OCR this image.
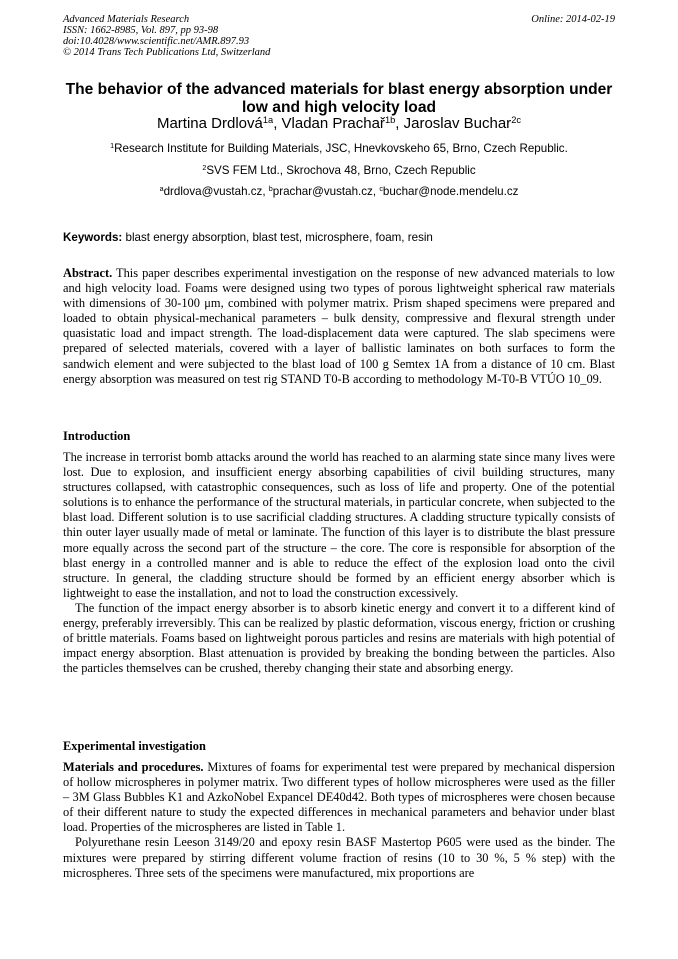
Advanced Materials Research	Online: 2014-02-19
ISSN: 1662-8985, Vol. 897, pp 93-98
doi:10.4028/www.scientific.net/AMR.897.93
© 2014 Trans Tech Publications Ltd, Switzerland
The behavior of the advanced materials for blast energy absorption under low and high velocity load
Martina Drdlová$^{1a}$, Vladan Prachař$^{1b}$, Jaroslav Buchar$^{2c}$
$^1$Research Institute for Building Materials, JSC, Hnevkovskeho 65, Brno, Czech Republic.
$^2$SVS FEM Ltd., Skrochova 48, Brno, Czech Republic
$^a$drdlova@vustah.cz, $^b$prachar@vustah.cz, $^c$buchar@node.mendelu.cz
Keywords: blast energy absorption, blast test, microsphere, foam, resin

Abstract. This paper describes experimental investigation on the response of new advanced materials to low and high velocity load. Foams were designed using two types of porous lightweight spherical raw materials with dimensions of 30-100 μm, combined with polymer matrix. Prism shaped specimens were prepared and loaded to obtain physical-mechanical parameters – bulk density, compressive and flexural strength under quasistatic load and impact strength. The load-displacement data were captured. The slab specimens were prepared of selected materials, covered with a layer of ballistic laminates on both surfaces to form the sandwich element and were subjected to the blast load of 100 g Semtex 1A from a distance of 10 cm. Blast energy absorption was measured on test rig STAND T0-B according to methodology M-T0-B VTÚO 10_09.

Introduction

The increase in terrorist bomb attacks around the world has reached to an alarming state since many lives were lost. Due to explosion, and insufficient energy absorbing capabilities of civil building structures, many structures collapsed, with catastrophic consequences, such as loss of life and property. One of the potential solutions is to enhance the performance of the structural materials, in particular concrete, when subjected to the blast load. Different solution is to use sacrificial cladding structures. A cladding structure typically consists of thin outer layer usually made of metal or laminate. The function of this layer is to distribute the blast pressure more equally across the second part of the structure – the core. The core is responsible for absorption of the blast energy in a controlled manner and is able to reduce the effect of the explosion load onto the civil structure. In general, the cladding structure should be formed by an efficient energy absorber which is lightweight to ease the installation, and not to load the construction excessively.

The function of the impact energy absorber is to absorb kinetic energy and convert it to a different kind of energy, preferably irreversibly. This can be realized by plastic deformation, viscous energy, friction or crushing of brittle materials. Foams based on lightweight porous particles and resins are materials with high potential of impact energy absorption. Blast attenuation is provided by breaking the bonding between the particles. Also the particles themselves can be crushed, thereby changing their state and absorbing energy.

Experimental investigation

Materials and procedures. Mixtures of foams for experimental test were prepared by mechanical dispersion of hollow microspheres in polymer matrix. Two different types of hollow microspheres were used as the filler – 3M Glass Bubbles K1 and AzkoNobel Expancel DE40d42. Both types of microspheres were chosen because of their different nature to study the expected differences in mechanical parameters and behavior under blast load. Properties of the microspheres are listed in Table 1.

Polyurethane resin Leeson 3149/20 and epoxy resin BASF Mastertop P605 were used as the binder. The mixtures were prepared by stirring different volume fraction of resins (10 to 30 %, 5 % step) with the microspheres. Three sets of the specimens were manufactured, mix proportions are
